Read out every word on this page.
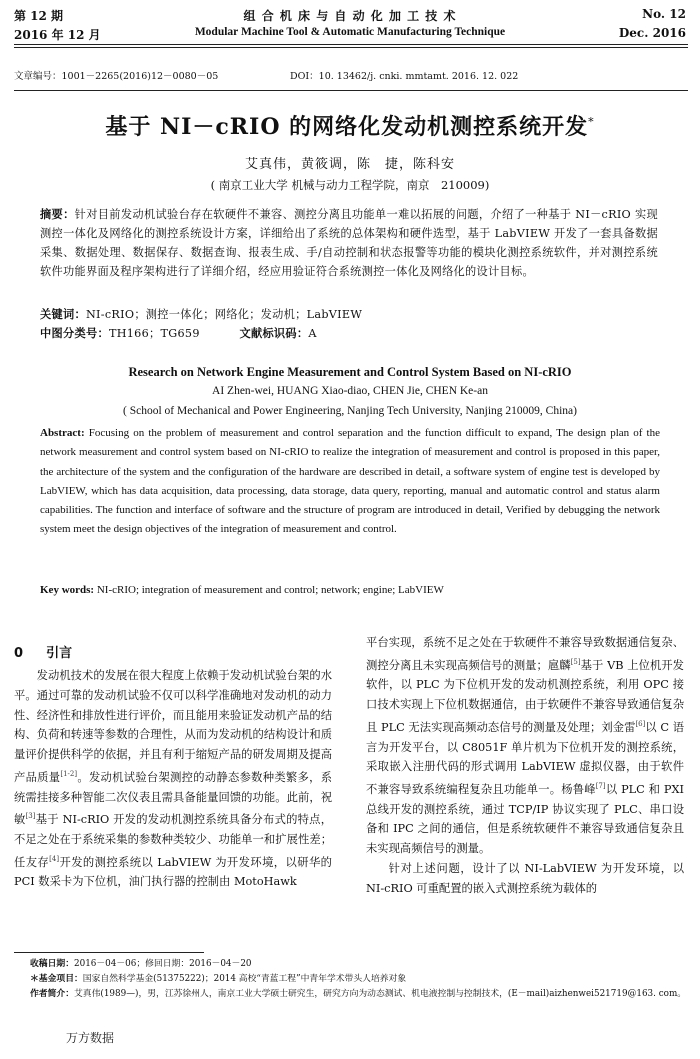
第 12 期
2016 年 12 月
组 合 机 床 与 自 动 化 加 工 技 术
Modular Machine Tool & Automatic Manufacturing Technique
No. 12
Dec. 2016
文章编号：1001－2265(2016)12－0080－05	DOI：10. 13462/j. cnki. mmtamt. 2016. 12. 022
基于 NI－cRIO 的网络化发动机测控系统开发*
艾真伟，黄筱调，陈　捷，陈科安
( 南京工业大学 机械与动力工程学院，南京　210009)
摘要：针对目前发动机试验台存在软硬件不兼容、测控分离且功能单一难以拓展的问题，介绍了一种基于 NI－cRIO 实现测控一体化及网络化的测控系统设计方案，详细给出了系统的总体架构和硬件选型，基于 LabVIEW 开发了一套具备数据采集、数据处理、数据保存、数据查询、报表生成、手/自动控制和状态报警等功能的模块化测控系统软件，并对测控系统软件功能界面及程序架构进行了详细介绍，经应用验证符合系统测控一体化及网络化的设计目标。
关键词：NI-cRIO；测控一体化；网络化；发动机；LabVIEW
中图分类号：TH166；TG659	文献标识码：A
Research on Network Engine Measurement and Control System Based on NI-cRIO
AI Zhen-wei, HUANG Xiao-diao, CHEN Jie, CHEN Ke-an
( School of Mechanical and Power Engineering, Nanjing Tech University, Nanjing 210009, China)
Abstract: Focusing on the problem of measurement and control separation and the function difficult to expand, The design plan of the network measurement and control system based on NI-cRIO to realize the integration of measurement and control is proposed in this paper, the architecture of the system and the configuration of the hardware are described in detail, a software system of engine test is developed by LabVIEW, which has data acquisition, data processing, data storage, data query, reporting, manual and automatic control and status alarm capabilities. The function and interface of software and the structure of program are introduced in detail, Verified by debugging the network system meet the design objectives of the integration of measurement and control.
Key words: NI-cRIO; integration of measurement and control; network; engine; LabVIEW
0 引言

发动机技术的发展在很大程度上依赖于发动机试验台架的水平。通过可靠的发动机试验不仅可以科学准确地对发动机的动力性、经济性和排放性进行评价，而且能用来验证发动机产品的结构、负荷和转速等参数的合理性，从而为发动机的结构设计和质量评价提供科学的依据，并且有利于缩短产品的研发周期及提高产品质量[1-2]。发动机试验台架测控的动静态参数种类繁多，系统需挂接多种智能二次仪表且需具备能量回馈的功能。此前，祝敏[3]基于 NI-cRIO 开发的发动机测控系统具备分布式的特点，不足之处在于系统采集的参数种类较少、功能单一和扩展性差；任友存[4]开发的测控系统以 LabVIEW 为开发环境，以研华的 PCI 数采卡为下位机，油门执行器的控制由 MotoHawk

平台实现，系统不足之处在于软硬件不兼容导致数据通信复杂、测控分离且未实现高频信号的测量；扈麟[5]基于 VB 上位机开发软件，以 PLC 为下位机开发的发动机测控系统，利用 OPC 接口技术实现上下位机数据通信，由于软硬件不兼容导致通信复杂且 PLC 无法实现高频动态信号的测量及处理；刘金雷[6]以 C 语言为开发平台，以 C8051F 单片机为下位机开发的测控系统，采取嵌入注册代码的形式调用 LabVIEW 虚拟仪器，由于软件不兼容导致系统编程复杂且功能单一。杨鲁峰[7]以 PLC 和 PXI 总线开发的测控系统，通过 TCP/IP 协议实现了 PLC、串口设备和 IPC 之间的通信，但是系统软硬件不兼容导致通信复杂且未实现高频信号的测量。

针对上述问题，设计了以 NI-LabVIEW 为开发环境，以 NI-cRIO 可重配置的嵌入式测控系统为载体的

收稿日期：2016－04－06；修回日期：2016－04－20
＊基金项目：国家自然科学基金(51375222)；2014 高校“青蓝工程”中青年学术带头人培养对象
作者简介：艾真伟(1989—)，男，江苏徐州人，南京工业大学硕士研究生，研究方向为动态测试、机电液控制与控制技术，(E－mail)aizhenwei521719@163. com。
万方数据
